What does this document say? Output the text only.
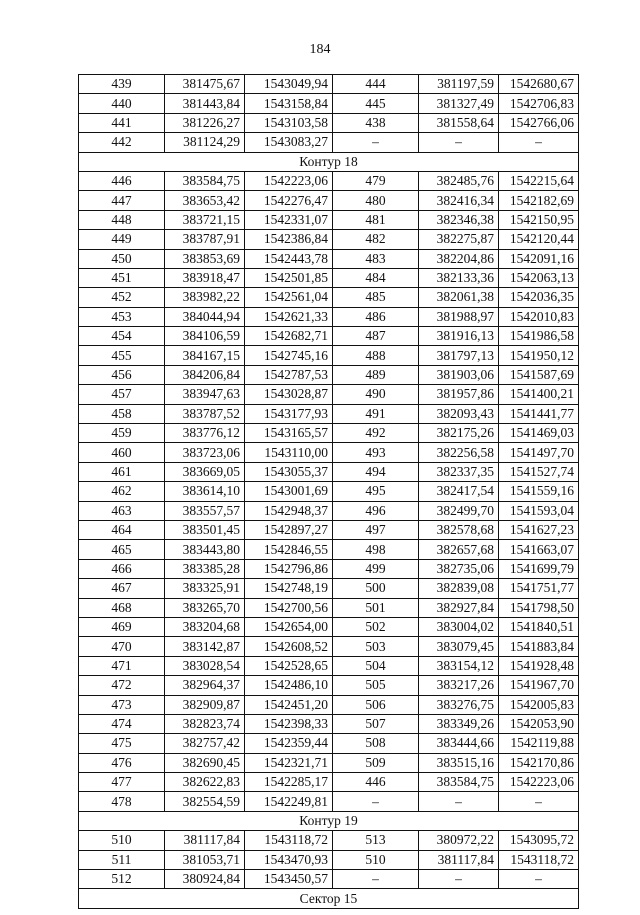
184
439	381475,67	1543049,94	444	381197,59	1542680,67
440	381443,84	1543158,84	445	381327,49	1542706,83
441	381226,27	1543103,58	438	381558,64	1542766,06
442	381124,29	1543083,27	–	–	–
Контур 18					
446	383584,75	1542223,06	479	382485,76	1542215,64
447	383653,42	1542276,47	480	382416,34	1542182,69
448	383721,15	1542331,07	481	382346,38	1542150,95
449	383787,91	1542386,84	482	382275,87	1542120,44
450	383853,69	1542443,78	483	382204,86	1542091,16
451	383918,47	1542501,85	484	382133,36	1542063,13
452	383982,22	1542561,04	485	382061,38	1542036,35
453	384044,94	1542621,33	486	381988,97	1542010,83
454	384106,59	1542682,71	487	381916,13	1541986,58
455	384167,15	1542745,16	488	381797,13	1541950,12
456	384206,84	1542787,53	489	381903,06	1541587,69
457	383947,63	1543028,87	490	381957,86	1541400,21
458	383787,52	1543177,93	491	382093,43	1541441,77
459	383776,12	1543165,57	492	382175,26	1541469,03
460	383723,06	1543110,00	493	382256,58	1541497,70
461	383669,05	1543055,37	494	382337,35	1541527,74
462	383614,10	1543001,69	495	382417,54	1541559,16
463	383557,57	1542948,37	496	382499,70	1541593,04
464	383501,45	1542897,27	497	382578,68	1541627,23
465	383443,80	1542846,55	498	382657,68	1541663,07
466	383385,28	1542796,86	499	382735,06	1541699,79
467	383325,91	1542748,19	500	382839,08	1541751,77
468	383265,70	1542700,56	501	382927,84	1541798,50
469	383204,68	1542654,00	502	383004,02	1541840,51
470	383142,87	1542608,52	503	383079,45	1541883,84
471	383028,54	1542528,65	504	383154,12	1541928,48
472	382964,37	1542486,10	505	383217,26	1541967,70
473	382909,87	1542451,20	506	383276,75	1542005,83
474	382823,74	1542398,33	507	383349,26	1542053,90
475	382757,42	1542359,44	508	383444,66	1542119,88
476	382690,45	1542321,71	509	383515,16	1542170,86
477	382622,83	1542285,17	446	383584,75	1542223,06
478	382554,59	1542249,81	–	–	–
Контур 19					
510	381117,84	1543118,72	513	380972,22	1543095,72
511	381053,71	1543470,93	510	381117,84	1543118,72
512	380924,84	1543450,57	–	–	–
Сектор 15					
